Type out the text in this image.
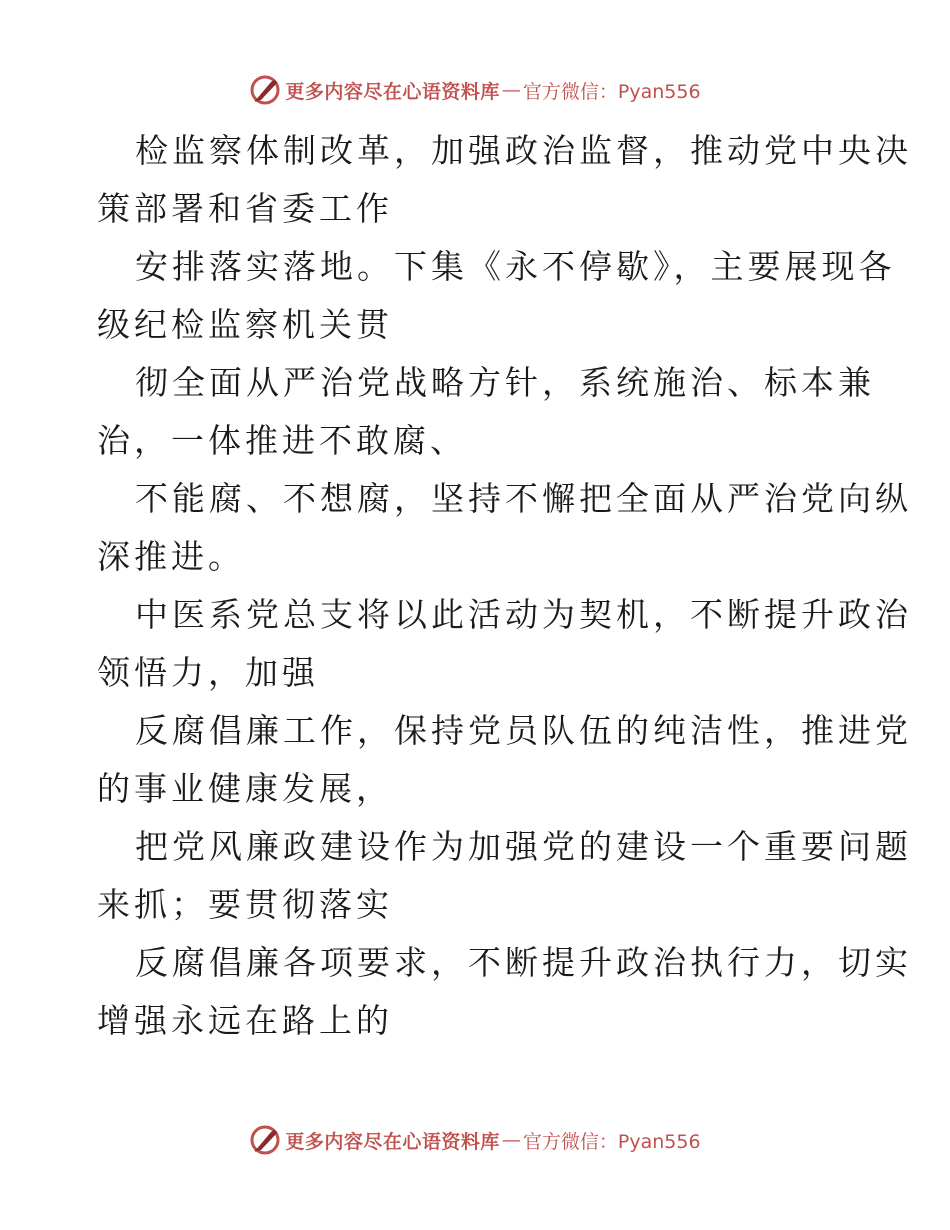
更多内容尽在心语资料库 — 官方微信：Pyan556
检监察体制改革，加强政治监督，推动党中央决
策部署和省委工作
安排落实落地。下集《永不停歇》，主要展现各
级纪检监察机关贯
彻全面从严治党战略方针，系统施治、标本兼
治，一体推进不敢腐、
不能腐、不想腐，坚持不懈把全面从严治党向纵
深推进。
中医系党总支将以此活动为契机，不断提升政治
领悟力，加强
反腐倡廉工作，保持党员队伍的纯洁性，推进党
的事业健康发展，
把党风廉政建设作为加强党的建设一个重要问题
来抓；要贯彻落实
反腐倡廉各项要求，不断提升政治执行力，切实
增强永远在路上的
更多内容尽在心语资料库 — 官方微信：Pyan556
